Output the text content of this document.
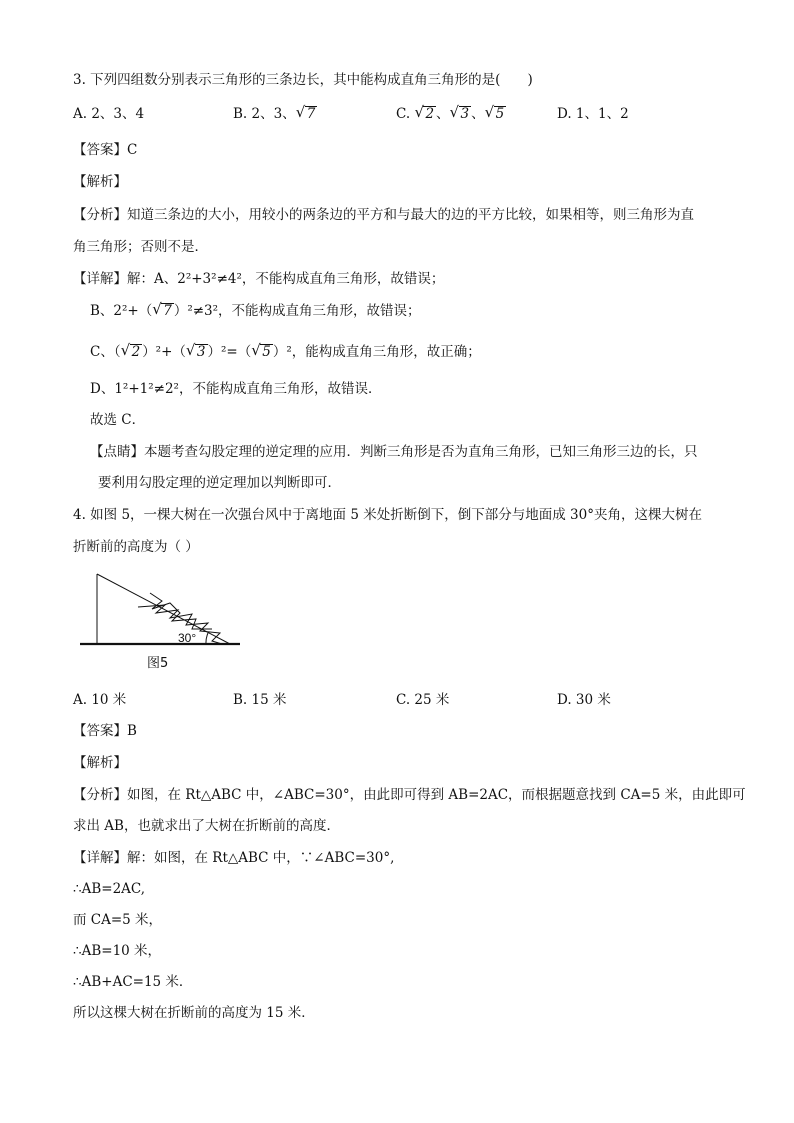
3. 下列四组数分别表示三角形的三条边长，其中能构成直角三角形的是(　　)
A. 2、3、4	B. 2、3、 √ 7	C. √ 2 、 √ 3 、 √ 5	D. 1、1、2
【答案】C
【解析】
【分析】知道三条边的大小，用较小的两条边的平方和与最大的边的平方比较，如果相等，则三角形为直
角三角形；否则不是．
【详解】解：A、2²+3²≠4²，不能构成直角三角形，故错误；
B、2²+（ √ 7 ）²≠3²，不能构成直角三角形，故错误；
C、（ √ 2 ）²+（ √ 3 ）²=（ √ 5 ）²，能构成直角三角形，故正确；
D、1²+1²≠2²，不能构成直角三角形，故错误．
故选 C．
【点睛】本题考查勾股定理的逆定理的应用．判断三角形是否为直角三角形，已知三角形三边的长，只
要利用勾股定理的逆定理加以判断即可．
4. 如图 5，一棵大树在一次强台风中于离地面 5 米处折断倒下，倒下部分与地面成 30°夹角，这棵大树在
折断前的高度为（ ）
30°
图5
A. 10 米	B. 15 米	C. 25 米	D. 30 米
【答案】B
【解析】
【分析】如图，在 Rt△ABC 中，∠ABC=30°，由此即可得到 AB=2AC，而根据题意找到 CA=5 米，由此即可
求出 AB，也就求出了大树在折断前的高度．
【详解】解：如图，在 Rt△ABC 中，∵∠ABC=30°,
∴AB=2AC,
而 CA=5 米，
∴AB=10 米，
∴AB+AC=15 米．
所以这棵大树在折断前的高度为 15 米．
